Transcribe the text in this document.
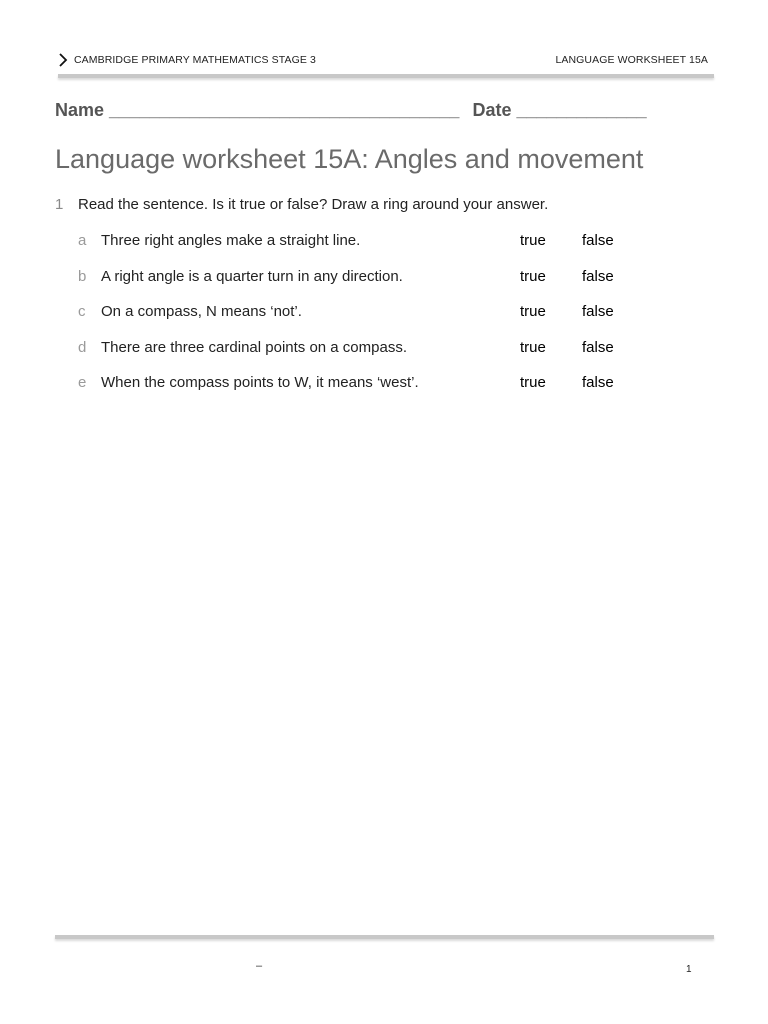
CAMBRIDGE PRIMARY MATHEMATICS STAGE 3	LANGUAGE WORKSHEET 15A
Name ___________________________________ Date _____________
Language worksheet 15A: Angles and movement
1 Read the sentence. Is it true or false? Draw a ring around your answer.
a Three right angles make a straight line.	true false
b A right angle is a quarter turn in any direction.	true false
c On a compass, N means ‘not’.	true false
d There are three cardinal points on a compass.	true false
e When the compass points to W, it means ‘west’.	true false
–	1
